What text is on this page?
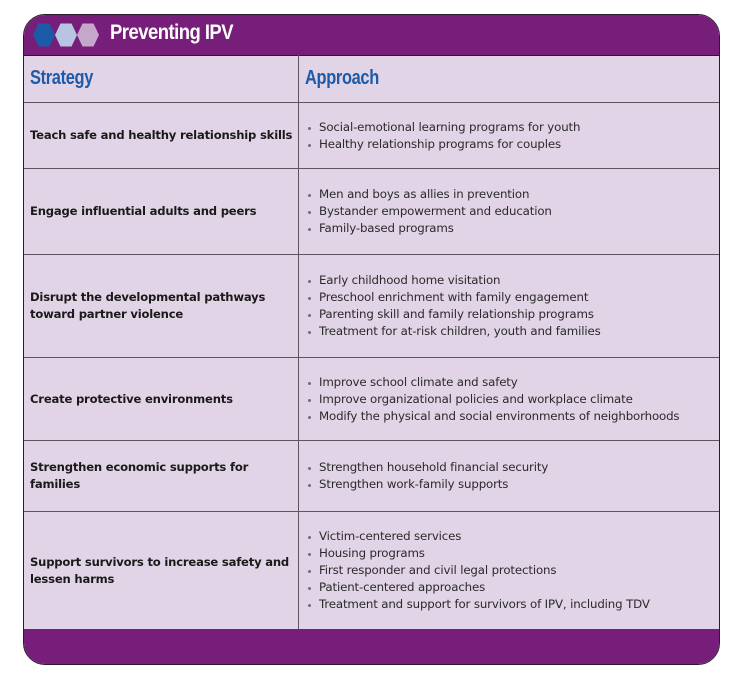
Preventing IPV
Strategy	Approach
Teach safe and healthy relationship skills	
Social-emotional learning programs for youth
Healthy relationship programs for couples

Engage influential adults and peers	
Men and boys as allies in prevention
Bystander empowerment and education
Family-based programs

Disrupt the developmental pathways toward partner violence	
Early childhood home visitation
Preschool enrichment with family engagement
Parenting skill and family relationship programs
Treatment for at-risk children, youth and families

Create protective environments	
Improve school climate and safety
Improve organizational policies and workplace climate
Modify the physical and social environments of neighborhoods

Strengthen economic supports for families	
Strengthen household financial security
Strengthen work-family supports

Support survivors to increase safety and lessen harms	
Victim-centered services
Housing programs
First responder and civil legal protections
Patient-centered approaches
Treatment and support for survivors of IPV, including TDV
